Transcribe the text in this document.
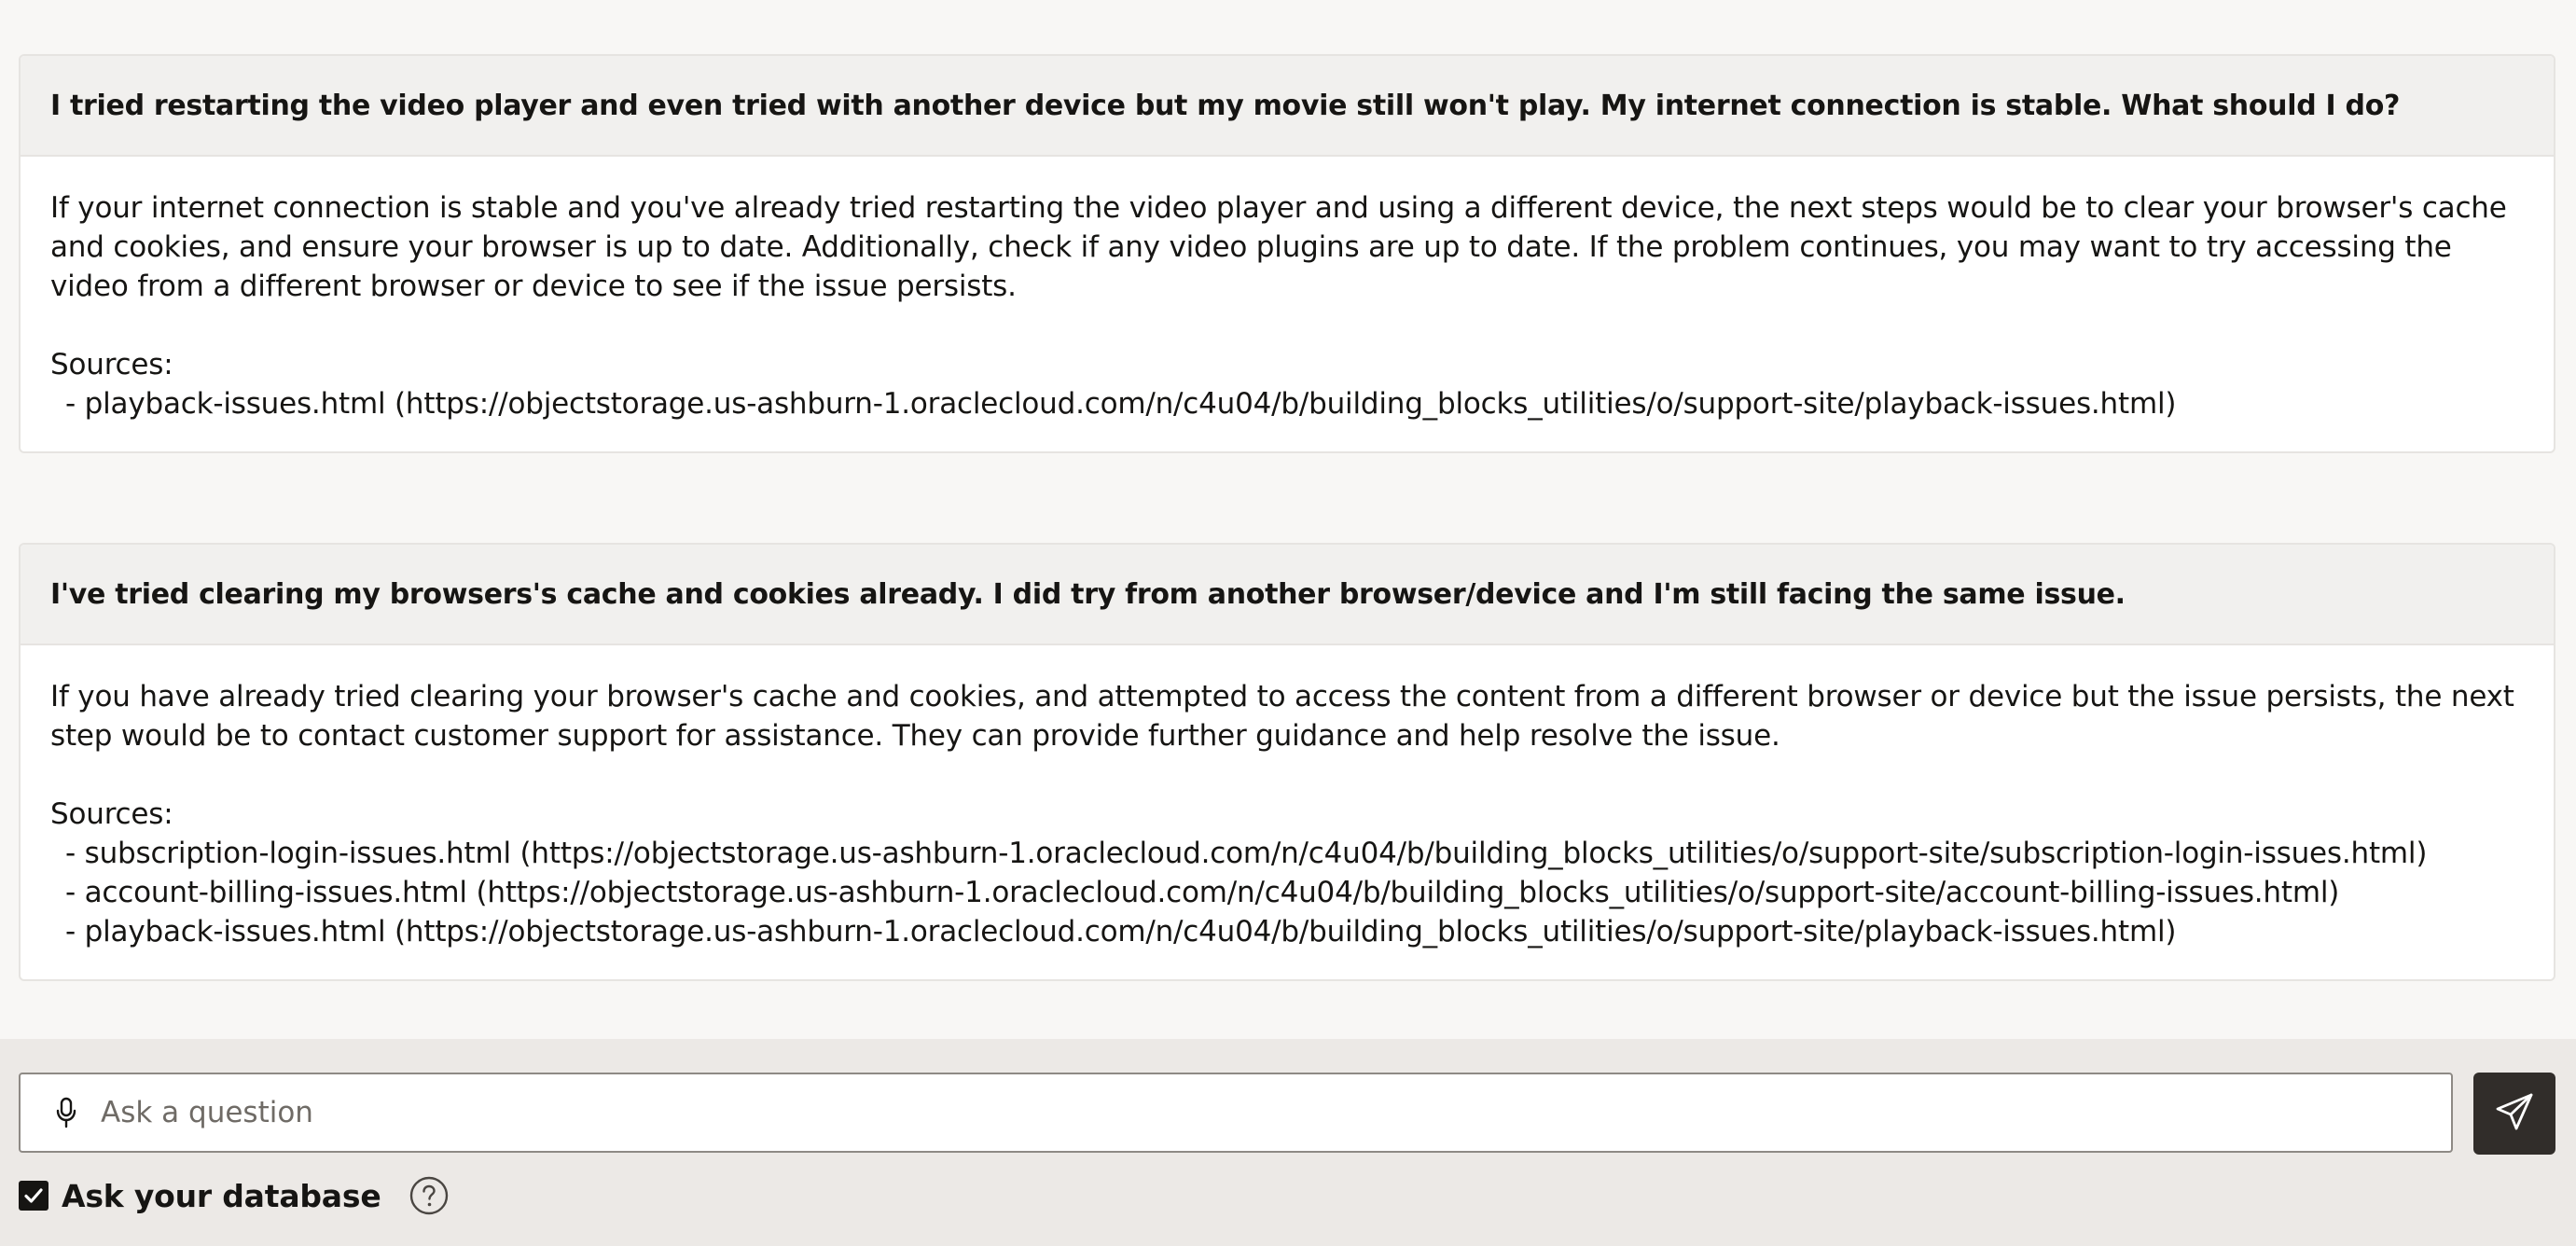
I tried restarting the video player and even tried with another device but my movie still won't play. My internet connection is stable. What should I do?

If your internet connection is stable and you've already tried restarting the video player and using a different device, the next steps would be to clear your browser's cache and cookies, and ensure your browser is up to date. Additionally, check if any video plugins are up to date. If the problem continues, you may want to try accessing the video from a different browser or device to see if the issue persists.

Sources:
- playback-issues.html (https://objectstorage.us-ashburn-1.oraclecloud.com/n/c4u04/b/building_blocks_utilities/o/support-site/playback-issues.html)
I've tried clearing my browsers's cache and cookies already. I did try from another browser/device and I'm still facing the same issue.

If you have already tried clearing your browser's cache and cookies, and attempted to access the content from a different browser or device but the issue persists, the next step would be to contact customer support for assistance. They can provide further guidance and help resolve the issue.

Sources:
- subscription-login-issues.html (https://objectstorage.us-ashburn-1.oraclecloud.com/n/c4u04/b/building_blocks_utilities/o/support-site/subscription-login-issues.html)
- account-billing-issues.html (https://objectstorage.us-ashburn-1.oraclecloud.com/n/c4u04/b/building_blocks_utilities/o/support-site/account-billing-issues.html)
- playback-issues.html (https://objectstorage.us-ashburn-1.oraclecloud.com/n/c4u04/b/building_blocks_utilities/o/support-site/playback-issues.html)
Ask a question
Ask your database
